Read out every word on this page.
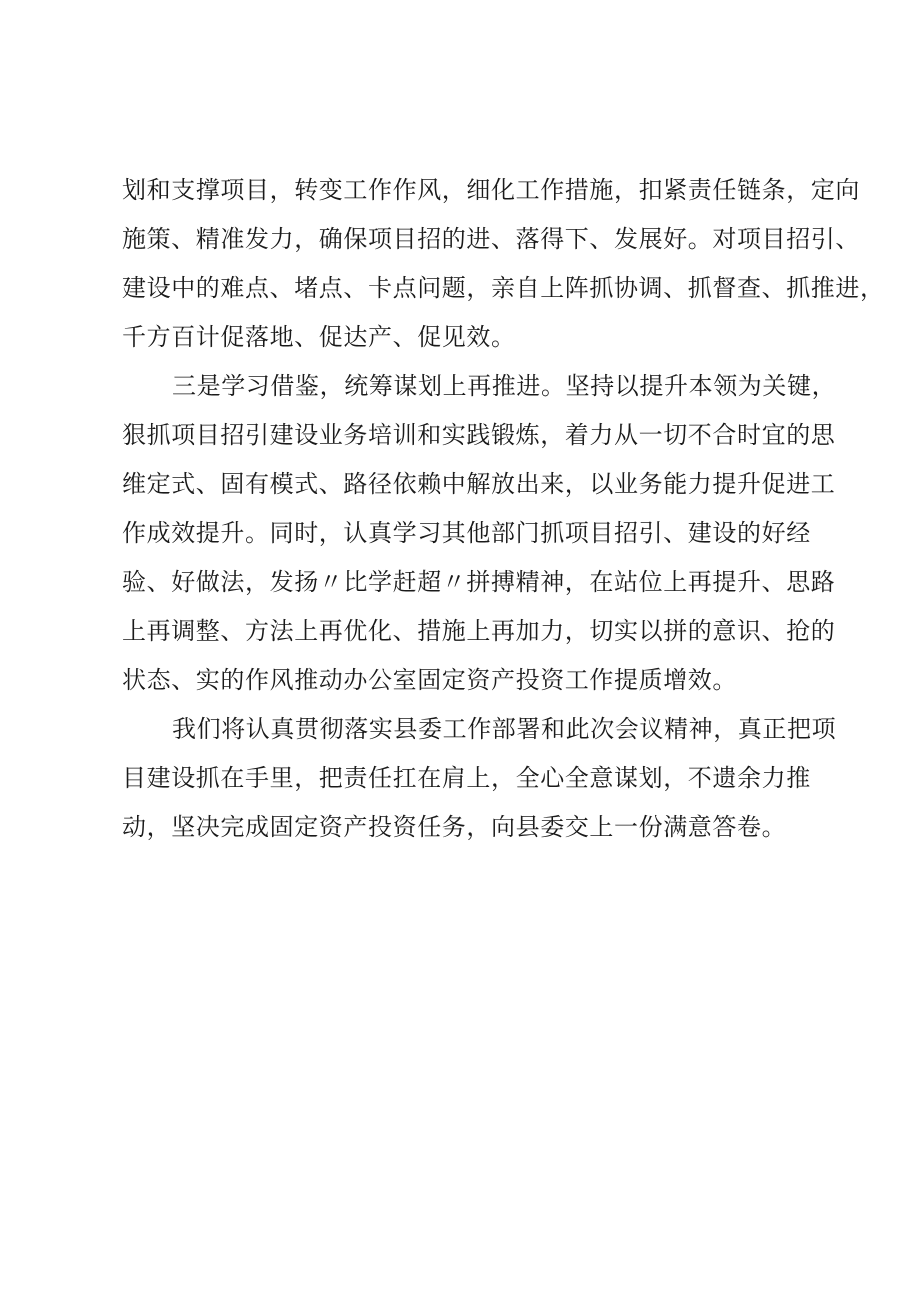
划和支撑项目，转变工作作风，细化工作措施，扣紧责任链条，定向
施策、精准发力，确保项目招的进、落得下、发展好。对项目招引、
建设中的难点、堵点、卡点问题，亲自上阵抓协调、抓督查、抓推进，
千方百计促落地、促达产、促见效。
三是学习借鉴，统筹谋划上再推进。坚持以提升本领为关键，
狠抓项目招引建设业务培训和实践锻炼，着力从一切不合时宜的思
维定式、固有模式、路径依赖中解放出来，以业务能力提升促进工
作成效提升。同时，认真学习其他部门抓项目招引、建设的好经
验、好做法，发扬〃比学赶超〃拼搏精神，在站位上再提升、思路
上再调整、方法上再优化、措施上再加力，切实以拼的意识、抢的
状态、实的作风推动办公室固定资产投资工作提质增效。
我们将认真贯彻落实县委工作部署和此次会议精神，真正把项
目建设抓在手里，把责任扛在肩上，全心全意谋划，不遗余力推
动，坚决完成固定资产投资任务，向县委交上一份满意答卷。
